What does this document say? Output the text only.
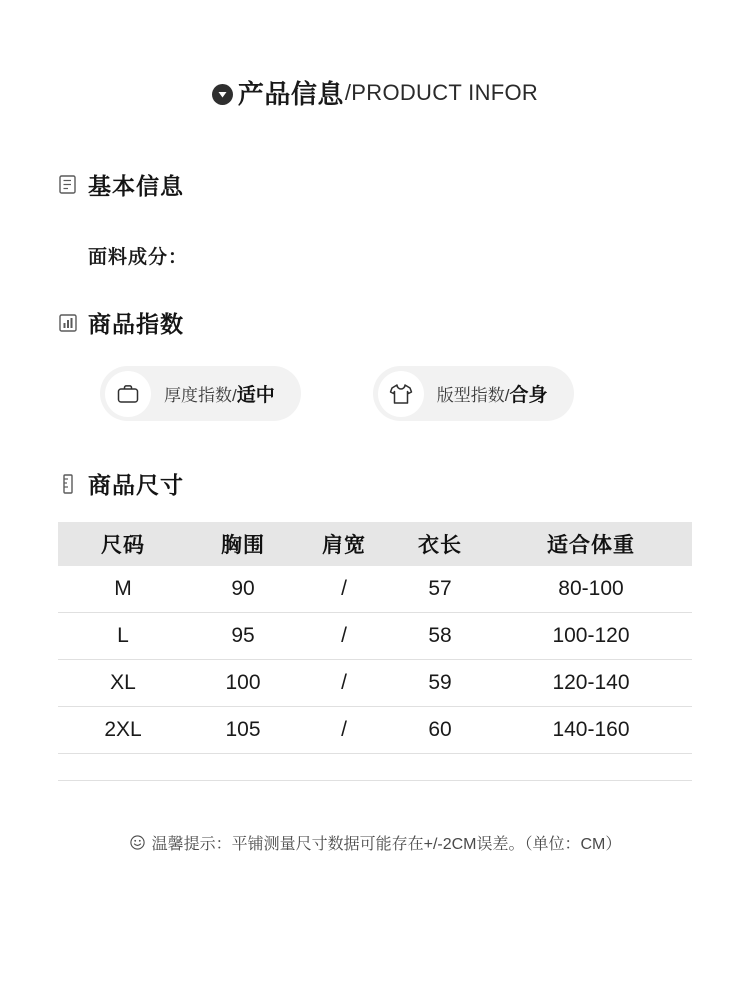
产品信息 /PRODUCT INFOR
基本信息
面料成分：
商品指数
厚度指数/适中	版型指数/合身
商品尺寸
尺码	胸围	肩宽	衣长	适合体重
M	90	/	57	80-100
L	95	/	58	100-120
XL	100	/	59	120-140
2XL	105	/	60	140-160

温馨提示：平铺测量尺寸数据可能存在+/-2CM误差。（单位：CM）
